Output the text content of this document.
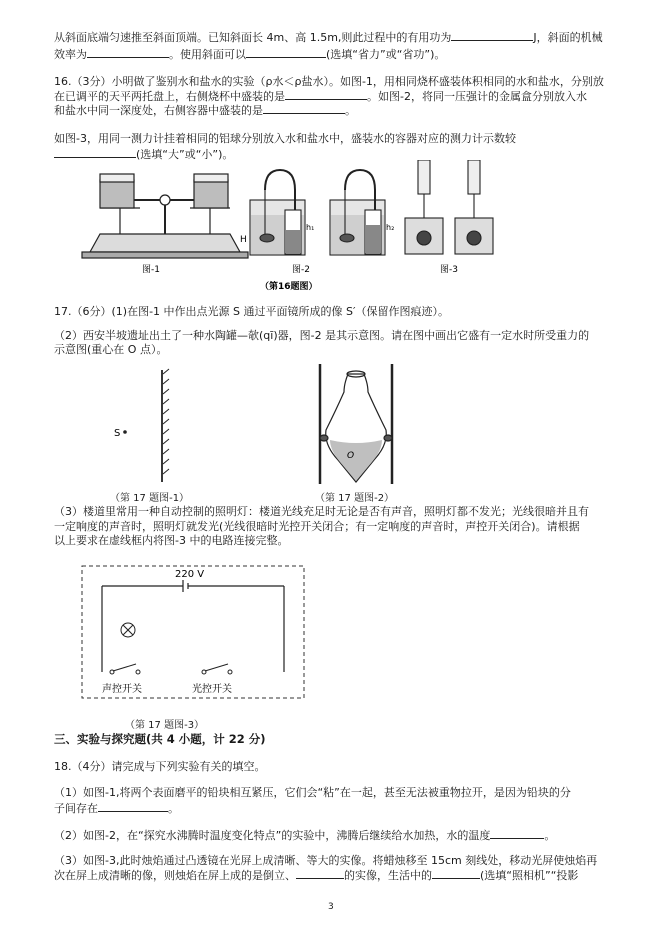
从斜面底端匀速推至斜面顶端。已知斜面长 4m、高 1.5m,则此过程中的有用功为	J，斜面的机械
效率为	。使用斜面可以	(选填“省力”或“省功”)。
16.（3分）小明做了鉴别水和盐水的实验（ρ水＜ρ盐水）。如图-1，用相同烧杯盛装体积相同的水和盐水，分别放
在已调平的天平两托盘上，右侧烧杯中盛装的是	。如图-2，将同一压强计的金属盒分别放入水
和盐水中同一深度处，右侧容器中盛装的是	。
如图-3，用同一测力计挂着相同的铝球分别放入水和盐水中，盛装水的容器对应的测力计示数较
(选填“大”或“小”)。
H
h₁	h₂
图-1	图-2	图-3
（第16题图）
17.（6分）(1)在图-1 中作出点光源 S 通过平面镜所成的像 S′（保留作图痕迹）。
（2）西安半坡遗址出土了一种水陶罐—欹(qī)器，图-2 是其示意图。请在图中画出它盛有一定水时所受重力的
示意图(重心在 O 点）。
S
O
（第 17 题图-1）	（第 17 题图-2）
（3）楼道里常用一种自动控制的照明灯：楼道光线充足时无论是否有声音，照明灯都不发光；光线很暗并且有
一定响度的声音时，照明灯就发光(光线很暗时光控开关闭合；有一定响度的声音时，声控开关闭合)。请根据
以上要求在虚线框内将图-3 中的电路连接完整。
220 V
声控开关	光控开关
（第 17 题图-3）
三、实验与探究题(共 4 小题，计 22 分)
18.（4分）请完成与下列实验有关的填空。
（1）如图-1,将两个表面磨平的铅块相互紧压，它们会“粘”在一起，甚至无法被重物拉开，是因为铅块的分
子间存在	。
（2）如图-2，在“探究水沸腾时温度变化特点”的实验中，沸腾后继续给水加热，水的温度	。
（3）如图-3,此时烛焰通过凸透镜在光屏上成清晰、等大的实像。将蜡烛移至 15cm 刻线处，移动光屏使烛焰再
次在屏上成清晰的像，则烛焰在屏上成的是倒立、	的实像，生活中的	(选填“照相机”“投影
3
